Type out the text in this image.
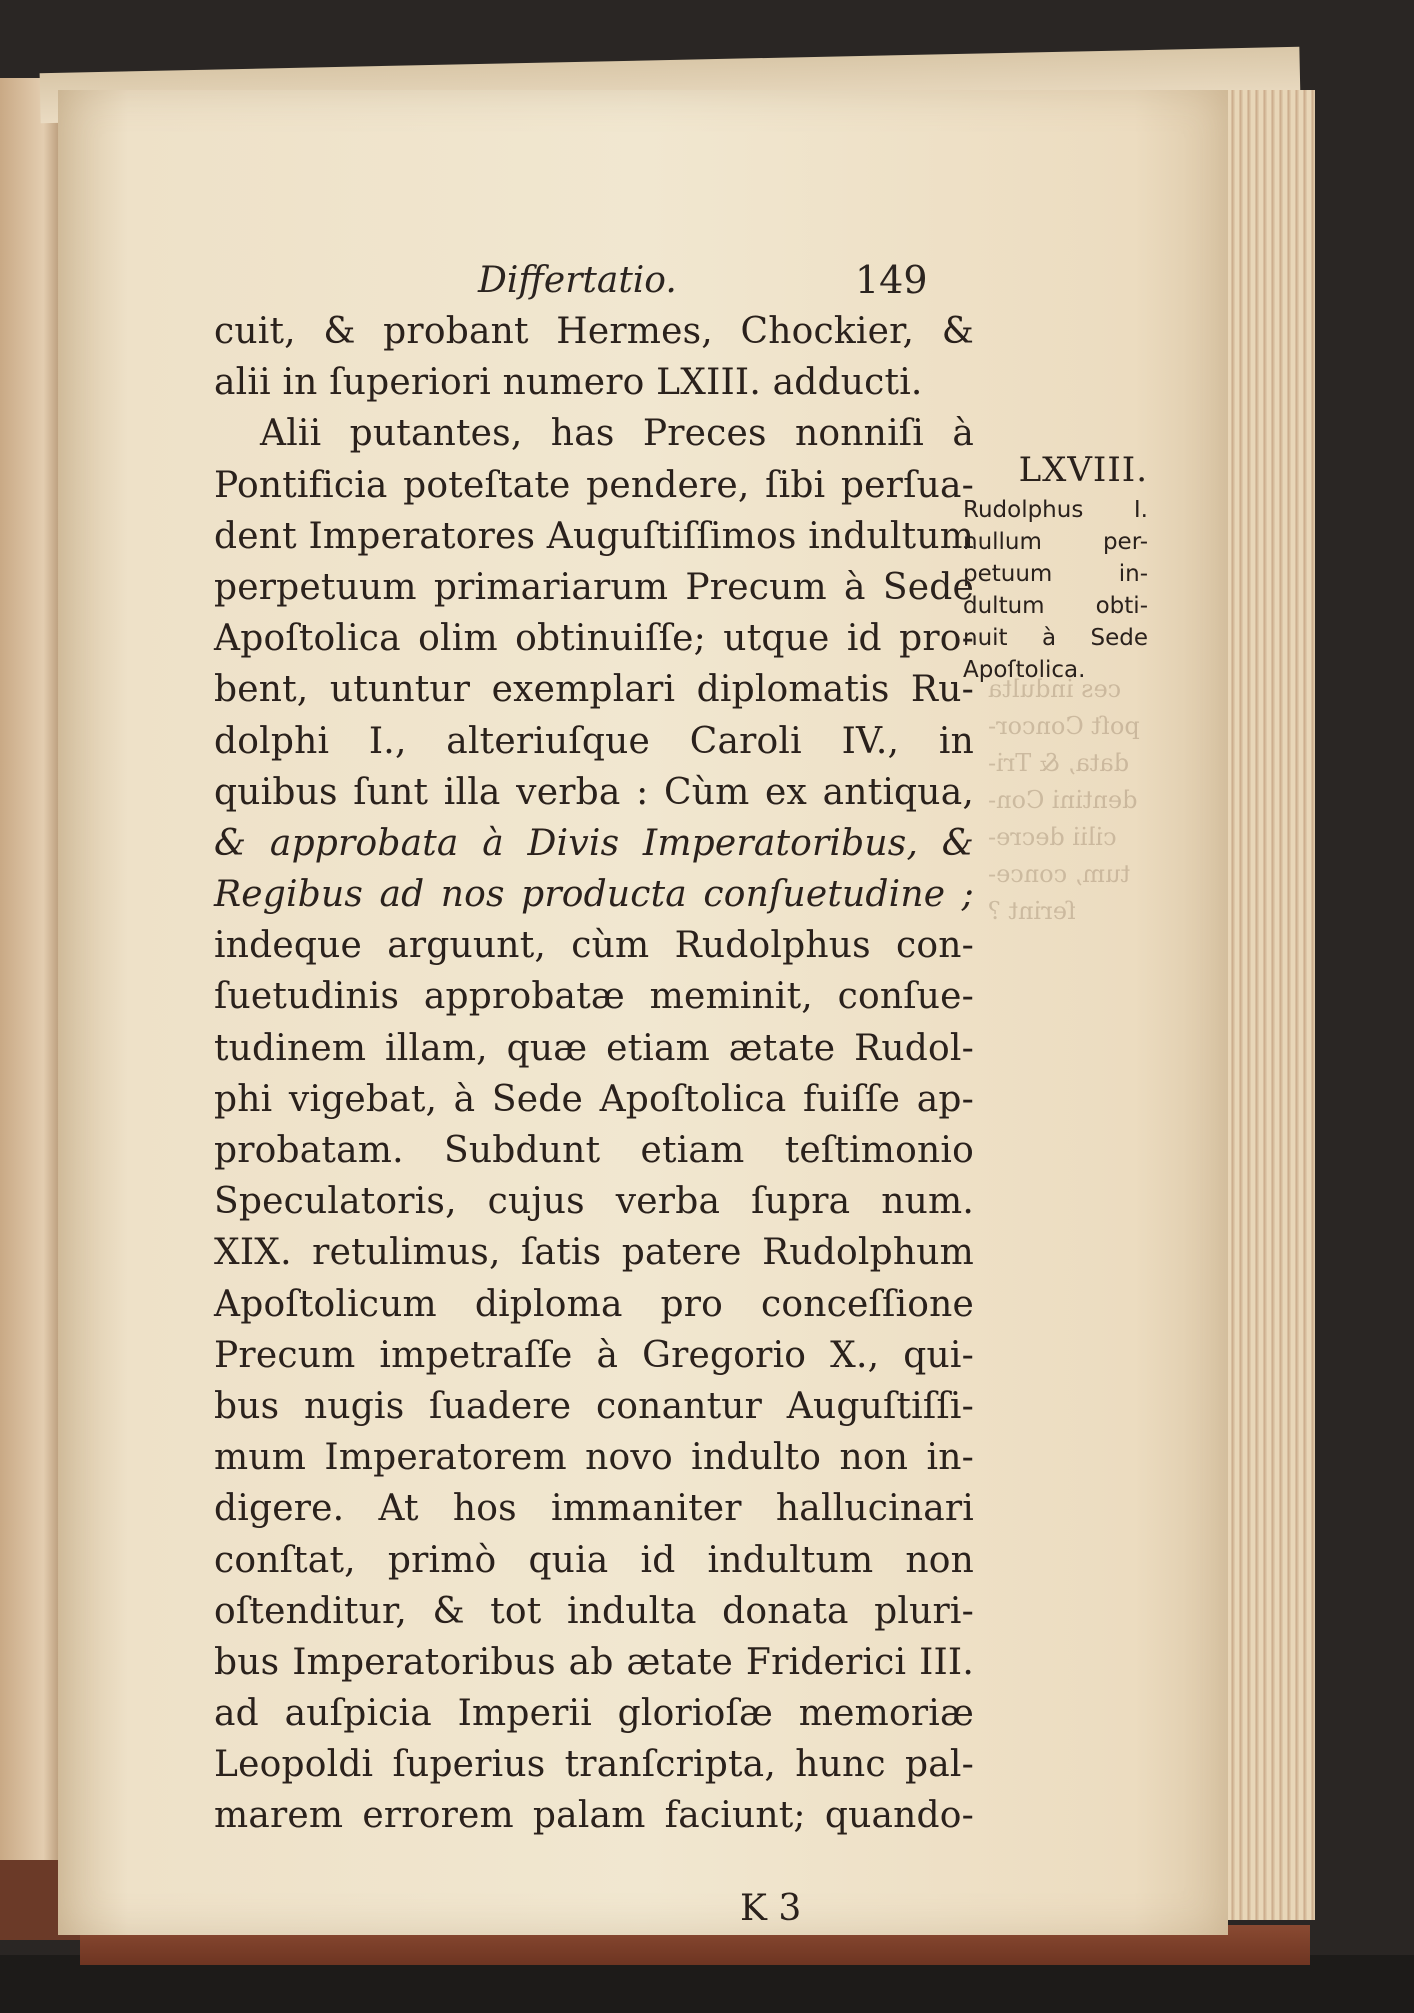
ces indulta
poſt Concor-
data, & Tri-
dentini Con-
cilii decre-
tum, conce-
ſerint ?
Differtatio.	149
cuit, & probant Hermes, Chockier, &
alii in ſuperiori numero LXIII. adducti.
Alii putantes, has Preces nonniſi à
Pontificia poteſtate pendere, ſibi perſua-
dent Imperatores Auguſtiſſimos indultum
perpetuum primariarum Precum à Sede
Apoſtolica olim obtinuiſſe; utque id pro-
bent, utuntur exemplari diplomatis Ru-
dolphi I., alteriuſque Caroli IV., in
quibus ſunt illa verba : Cùm ex antiqua,
& approbata à Divis Imperatoribus, &
Regibus ad nos producta conſuetudine ;
indeque arguunt, cùm Rudolphus con-
ſuetudinis approbatæ meminit, conſue-
tudinem illam, quæ etiam ætate Rudol-
phi vigebat, à Sede Apoſtolica fuiſſe ap-
probatam. Subdunt etiam teſtimonio
Speculatoris, cujus verba ſupra num.
XIX. retulimus, ſatis patere Rudolphum
Apoſtolicum diploma pro conceſſione
Precum impetraſſe à Gregorio X., qui-
bus nugis ſuadere conantur Auguſtiſſi-
mum Imperatorem novo indulto non in-
digere. At hos immaniter hallucinari
conſtat, primò quia id indultum non
oſtenditur, & tot indulta donata pluri-
bus Imperatoribus ab ætate Friderici III.
ad auſpicia Imperii glorioſæ memoriæ
Leopoldi ſuperius tranſcripta, hunc pal-
marem errorem palam faciunt; quando-
LXVIII.
Rudolphus I.
nullum per-
petuum in-
dultum obti-
nuit à Sede
Apoſtolica.
K 3
